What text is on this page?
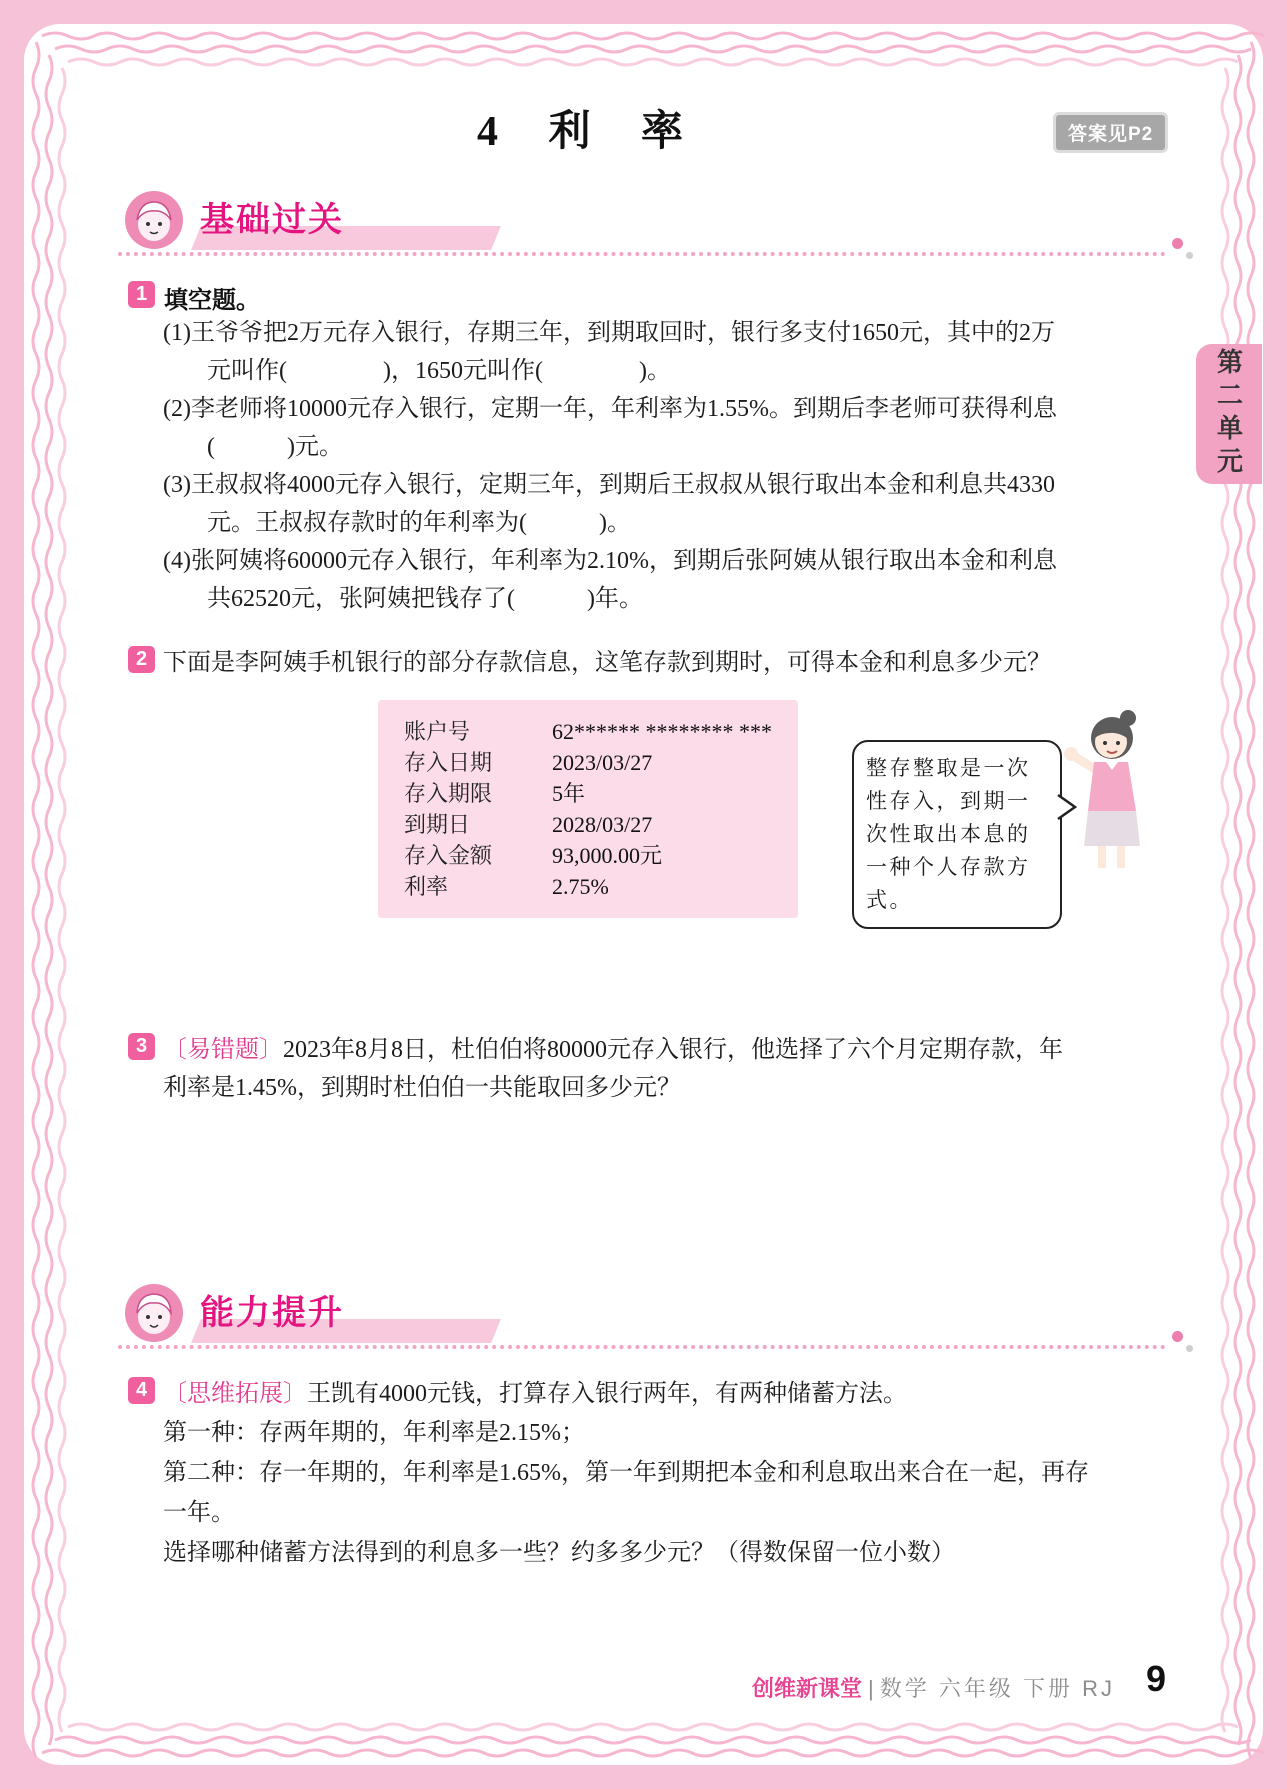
4 利 率	答案见P2
基础过关
1 填空题。
(1)王爷爷把2万元存入银行，存期三年，到期取回时，银行多支付1650元，其中的2万元叫作(　　　　)，1650元叫作(　　　　)。
(2)李老师将10000元存入银行，定期一年，年利率为1.55%。到期后李老师可获得利息(　　　)元。
(3)王叔叔将4000元存入银行，定期三年，到期后王叔叔从银行取出本金和利息共4330元。王叔叔存款时的年利率为(　　　)。
(4)张阿姨将60000元存入银行，年利率为2.10%，到期后张阿姨从银行取出本金和利息共62520元，张阿姨把钱存了(　　　)年。
2 下面是李阿姨手机银行的部分存款信息，这笔存款到期时，可得本金和利息多少元？
账户号	62****** ******** ***
存入日期	2023/03/27
存入期限	5年
到期日	2028/03/27
存入金额	93,000.00元
利率	2.75%
整存整取是一次性存入，到期一次性取出本息的一种个人存款方式。
3 〔易错题〕2023年8月8日，杜伯伯将80000元存入银行，他选择了六个月定期存款，年利率是1.45%，到期时杜伯伯一共能取回多少元？
能力提升
4 〔思维拓展〕王凯有4000元钱，打算存入银行两年，有两种储蓄方法。
第一种：存两年期的，年利率是2.15%；
第二种：存一年期的，年利率是1.65%，第一年到期把本金和利息取出来合在一起，再存一年。
选择哪种储蓄方法得到的利息多一些？约多多少元？（得数保留一位小数）
第二单元
创维新课堂 | 数学 六年级 下册 RJ 9
